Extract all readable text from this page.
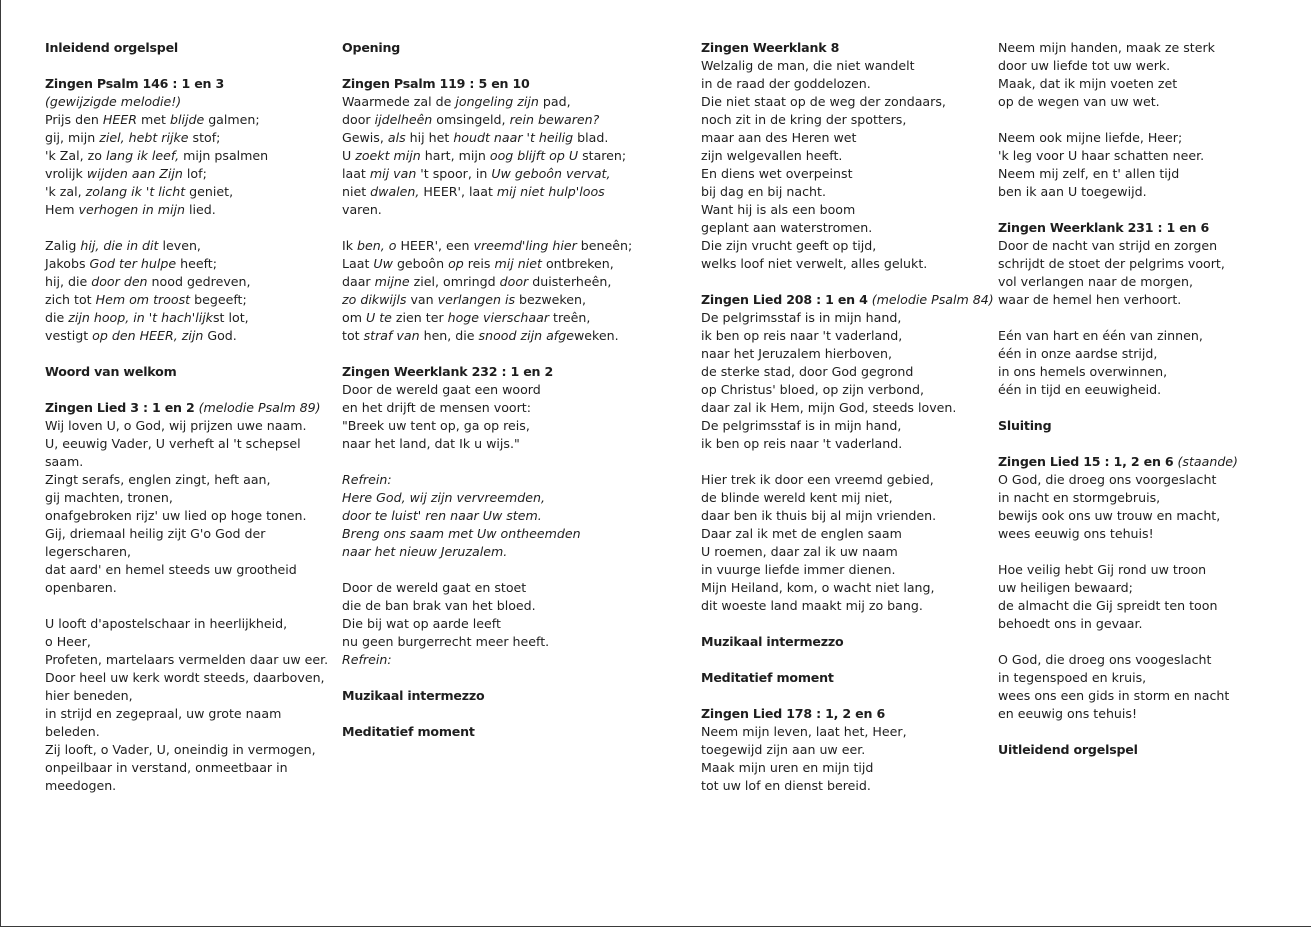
Inleidend orgelspel
Zingen Psalm 146 : 1 en 3
(gewijzigde melodie!)
Prijs den HEER met blijde galmen;
gij, mijn ziel, hebt rijke stof;
'k Zal, zo lang ik leef, mijn psalmen
vrolijk wijden aan Zijn lof;
'k zal, zolang ik 't licht geniet,
Hem verhogen in mijn lied.
Zalig hij, die in dit leven,
Jakobs God ter hulpe heeft;
hij, die door den nood gedreven,
zich tot Hem om troost begeeft;
die zijn hoop, in 't hach'lijkst lot,
vestigt op den HEER, zijn God.
Woord van welkom
Zingen Lied 3 : 1 en 2 (melodie Psalm 89)
Wij loven U, o God, wij prijzen uwe naam.
U, eeuwig Vader, U verheft al 't schepsel
saam.
Zingt serafs, englen zingt, heft aan,
gij machten, tronen,
onafgebroken rijz' uw lied op hoge tonen.
Gij, driemaal heilig zijt G'o God der
legerscharen,
dat aard' en hemel steeds uw grootheid
openbaren.
U looft d'apostelschaar in heerlijkheid,
o Heer,
Profeten, martelaars vermelden daar uw eer.
Door heel uw kerk wordt steeds, daarboven,
hier beneden,
in strijd en zegepraal, uw grote naam
beleden.
Zij looft, o Vader, U, oneindig in vermogen,
onpeilbaar in verstand, onmeetbaar in
meedogen.
Opening
Zingen Psalm 119 : 5 en 10
Waarmede zal de jongeling zijn pad,
door ijdelheên omsingeld, rein bewaren?
Gewis, als hij het houdt naar 't heilig blad.
U zoekt mijn hart, mijn oog blijft op U staren;
laat mij van 't spoor, in Uw geboôn vervat,
niet dwalen, HEER', laat mij niet hulp'loos
varen.
Ik ben, o HEER', een vreemd'ling hier beneên;
Laat Uw geboôn op reis mij niet ontbreken,
daar mijne ziel, omringd door duisterheên,
zo dikwijls van verlangen is bezweken,
om U te zien ter hoge vierschaar treên,
tot straf van hen, die snood zijn afgeweken.
Zingen Weerklank 232 : 1 en 2
Door de wereld gaat een woord
en het drijft de mensen voort:
"Breek uw tent op, ga op reis,
naar het land, dat Ik u wijs."
Refrein:
Here God, wij zijn vervreemden,
door te luist' ren naar Uw stem.
Breng ons saam met Uw ontheemden
naar het nieuw Jeruzalem.
Door de wereld gaat en stoet
die de ban brak van het bloed.
Die bij wat op aarde leeft
nu geen burgerrecht meer heeft.
Refrein:
Muzikaal intermezzo
Meditatief moment
Zingen Weerklank 8
Welzalig de man, die niet wandelt
in de raad der goddelozen.
Die niet staat op de weg der zondaars,
noch zit in de kring der spotters,
maar aan des Heren wet
zijn welgevallen heeft.
En diens wet overpeinst
bij dag en bij nacht.
Want hij is als een boom
geplant aan waterstromen.
Die zijn vrucht geeft op tijd,
welks loof niet verwelt, alles gelukt.
Zingen Lied 208 : 1 en 4 (melodie Psalm 84)
De pelgrimsstaf is in mijn hand,
ik ben op reis naar 't vaderland,
naar het Jeruzalem hierboven,
de sterke stad, door God gegrond
op Christus' bloed, op zijn verbond,
daar zal ik Hem, mijn God, steeds loven.
De pelgrimsstaf is in mijn hand,
ik ben op reis naar 't vaderland.
Hier trek ik door een vreemd gebied,
de blinde wereld kent mij niet,
daar ben ik thuis bij al mijn vrienden.
Daar zal ik met de englen saam
U roemen, daar zal ik uw naam
in vuurge liefde immer dienen.
Mijn Heiland, kom, o wacht niet lang,
dit woeste land maakt mij zo bang.
Muzikaal intermezzo
Meditatief moment
Zingen Lied 178 : 1, 2 en 6
Neem mijn leven, laat het, Heer,
toegewijd zijn aan uw eer.
Maak mijn uren en mijn tijd
tot uw lof en dienst bereid.
Neem mijn handen, maak ze sterk
door uw liefde tot uw werk.
Maak, dat ik mijn voeten zet
op de wegen van uw wet.
Neem ook mijne liefde, Heer;
'k leg voor U haar schatten neer.
Neem mij zelf, en t' allen tijd
ben ik aan U toegewijd.
Zingen Weerklank 231 : 1 en 6
Door de nacht van strijd en zorgen
schrijdt de stoet der pelgrims voort,
vol verlangen naar de morgen,
waar de hemel hen verhoort.
Eén van hart en één van zinnen,
één in onze aardse strijd,
in ons hemels overwinnen,
één in tijd en eeuwigheid.
Sluiting
Zingen Lied 15 : 1, 2 en 6 (staande)
O God, die droeg ons voorgeslacht
in nacht en stormgebruis,
bewijs ook ons uw trouw en macht,
wees eeuwig ons tehuis!
Hoe veilig hebt Gij rond uw troon
uw heiligen bewaard;
de almacht die Gij spreidt ten toon
behoedt ons in gevaar.
O God, die droeg ons voogeslacht
in tegenspoed en kruis,
wees ons een gids in storm en nacht
en eeuwig ons tehuis!
Uitleidend orgelspel
